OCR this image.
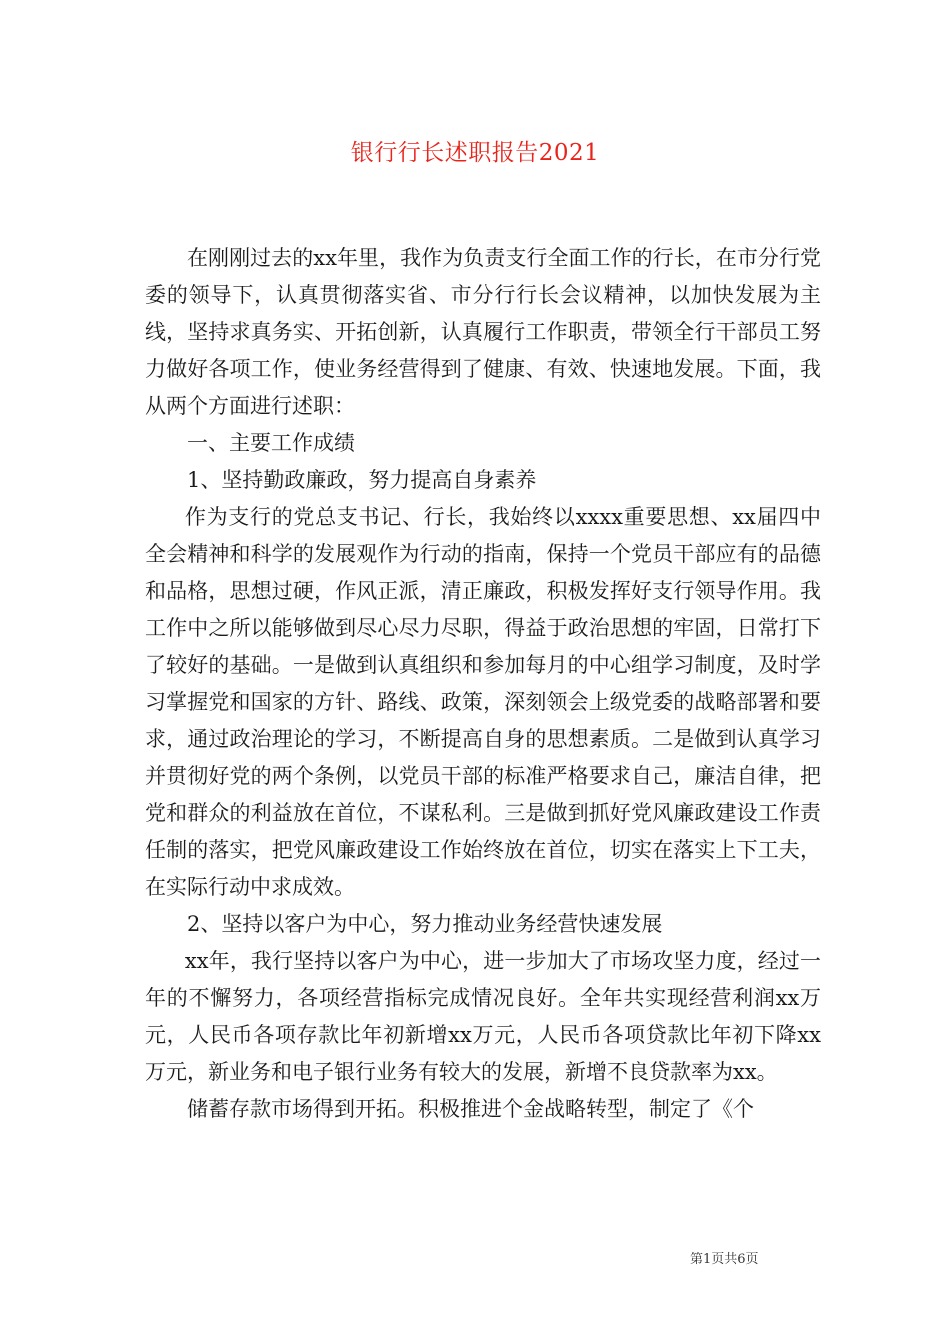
银行行长述职报告2021

在刚刚过去的xx年里，我作为负责支行全面工作的行长，在市分行党委的领导下，认真贯彻落实省、市分行行长会议精神，以加快发展为主线，坚持求真务实、开拓创新，认真履行工作职责，带领全行干部员工努力做好各项工作，使业务经营得到了健康、有效、快速地发展。下面，我从两个方面进行述职：

一、主要工作成绩

1、坚持勤政廉政，努力提高自身素养

作为支行的党总支书记、行长，我始终以xxxx重要思想、xx届四中全会精神和科学的发展观作为行动的指南，保持一个党员干部应有的品德和品格，思想过硬，作风正派，清正廉政，积极发挥好支行领导作用。我工作中之所以能够做到尽心尽力尽职，得益于政治思想的牢固，日常打下了较好的基础。一是做到认真组织和参加每月的中心组学习制度，及时学习掌握党和国家的方针、路线、政策，深刻领会上级党委的战略部署和要求，通过政治理论的学习，不断提高自身的思想素质。二是做到认真学习并贯彻好党的两个条例，以党员干部的标准严格要求自己，廉洁自律，把党和群众的利益放在首位，不谋私利。三是做到抓好党风廉政建设工作责任制的落实，把党风廉政建设工作始终放在首位，切实在落实上下工夫，在实际行动中求成效。

2、坚持以客户为中心，努力推动业务经营快速发展

xx年，我行坚持以客户为中心，进一步加大了市场攻坚力度，经过一年的不懈努力，各项经营指标完成情况良好。全年共实现经营利润xx万元，人民币各项存款比年初新增xx万元，人民币各项贷款比年初下降xx万元，新业务和电子银行业务有较大的发展，新增不良贷款率为xx。

储蓄存款市场得到开拓。积极推进个金战略转型，制定了《个

第1页共6页
